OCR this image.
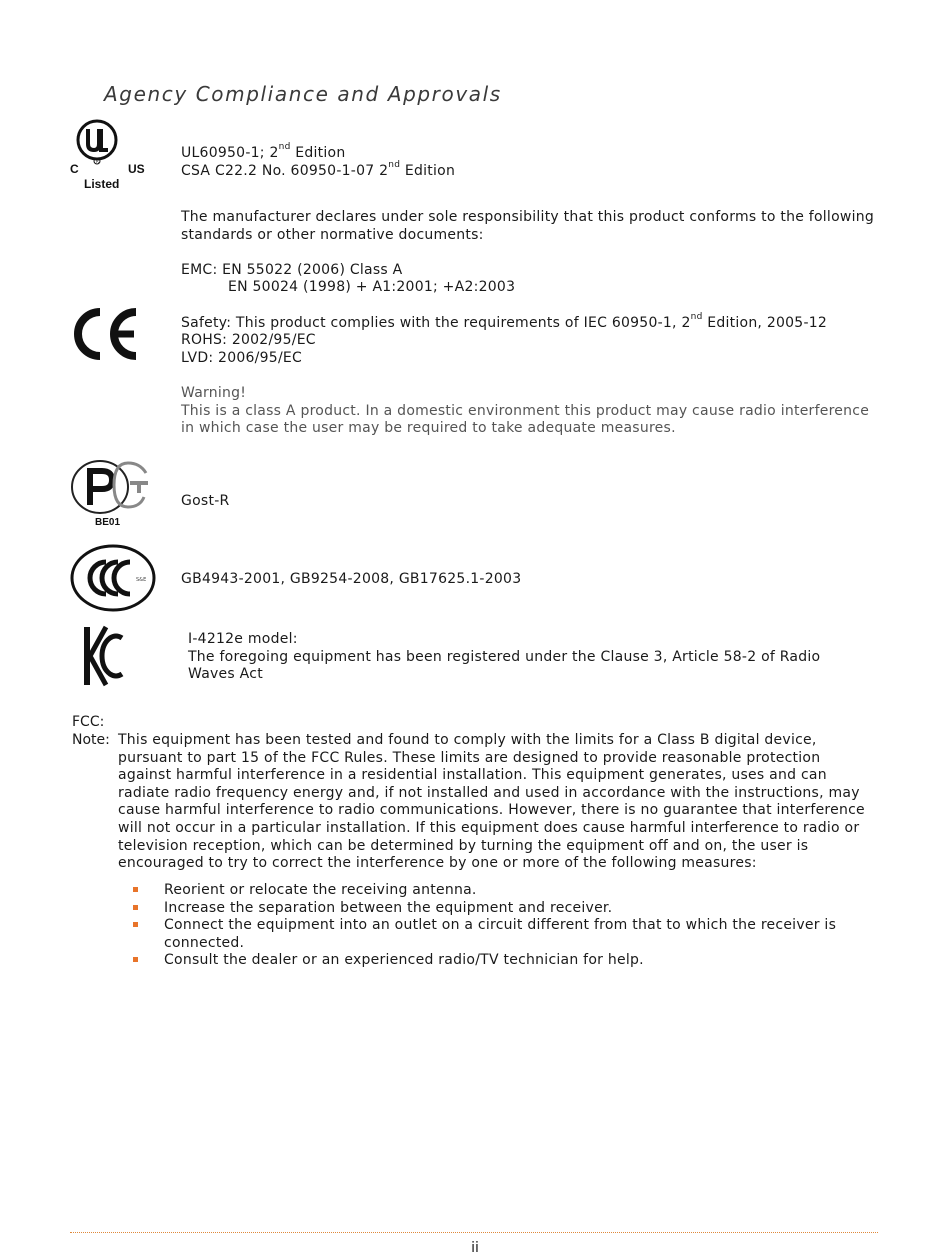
Agency Compliance and Approvals
R
C	US
Listed
UL60950-1; 2nd Edition
CSA C22.2 No. 60950-1-07 2nd Edition
The manufacturer declares under sole responsibility that this product conforms to the following
standards or other normative documents:
EMC: EN 55022 (2006) Class A
EN 50024 (1998) + A1:2001; +A2:2003
Safety: This product complies with the requirements of IEC 60950-1, 2nd Edition, 2005-12
ROHS: 2002/95/EC
LVD: 2006/95/EC
Warning!
This is a class A product. In a domestic environment this product may cause radio interference
in which case the user may be required to take adequate measures.
BE01
Gost-R
S&E GB4943-2001, GB9254-2008, GB17625.1-2003
I-4212e model:
The foregoing equipment has been registered under the Clause 3, Article 58-2 of Radio
Waves Act
FCC:
Note: This equipment has been tested and found to comply with the limits for a Class B digital device,
pursuant to part 15 of the FCC Rules. These limits are designed to provide reasonable protection
against harmful interference in a residential installation. This equipment generates, uses and can
radiate radio frequency energy and, if not installed and used in accordance with the instructions, may
cause harmful interference to radio communications. However, there is no guarantee that interference
will not occur in a particular installation. If this equipment does cause harmful interference to radio or
television reception, which can be determined by turning the equipment off and on, the user is
encouraged to try to correct the interference by one or more of the following measures:
Reorient or relocate the receiving antenna.
Increase the separation between the equipment and receiver.
Connect the equipment into an outlet on a circuit different from that to which the receiver is
connected.
Consult the dealer or an experienced radio/TV technician for help.
ii
